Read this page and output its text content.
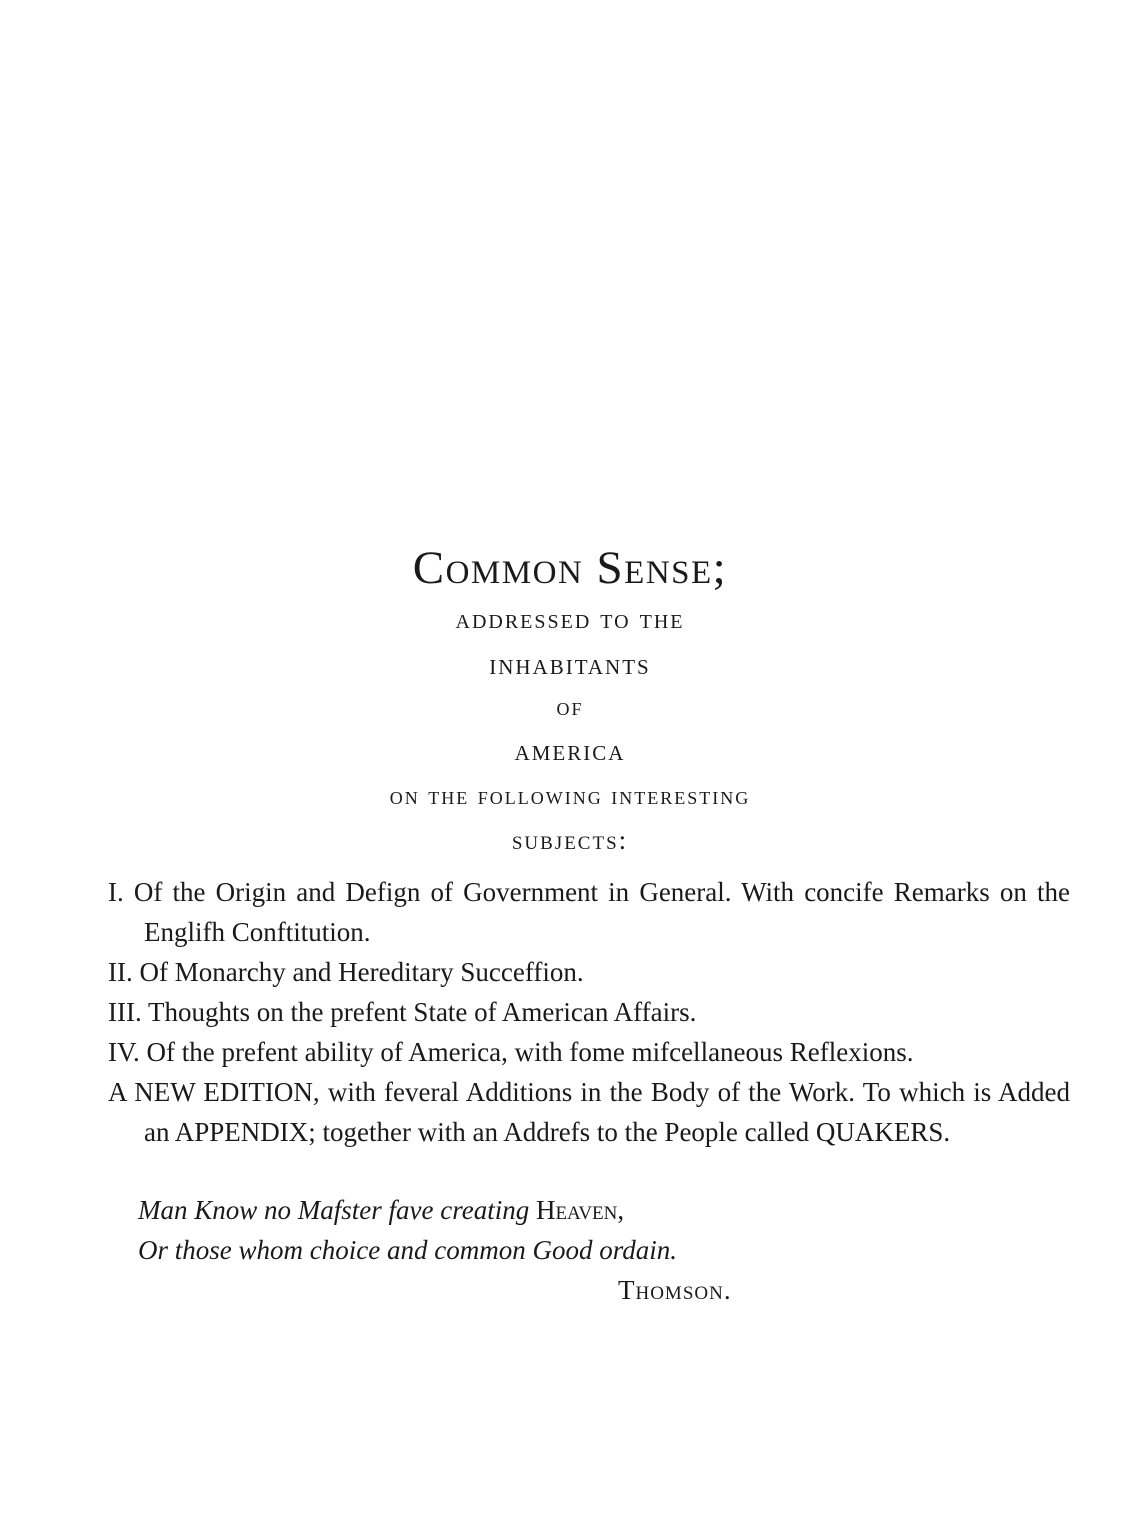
Common Sense;

addressed to the

inhabitants

of

america

on the following interesting

subjects:

I. Of the Origin and Defign of Government in General. With concife Remarks on the Englifh Conftitution.

II. Of Monarchy and Hereditary Succeffion.

III. Thoughts on the prefent State of American Affairs.

IV. Of the prefent ability of America, with fome mifcellaneous Reflexions.

A NEW EDITION, with feveral Additions in the Body of the Work. To which is Added an APPENDIX; together with an Addrefs to the People called QUAKERS.

Man Know no Mafster fave creating Heaven,

Or those whom choice and common Good ordain.

Thomson.
